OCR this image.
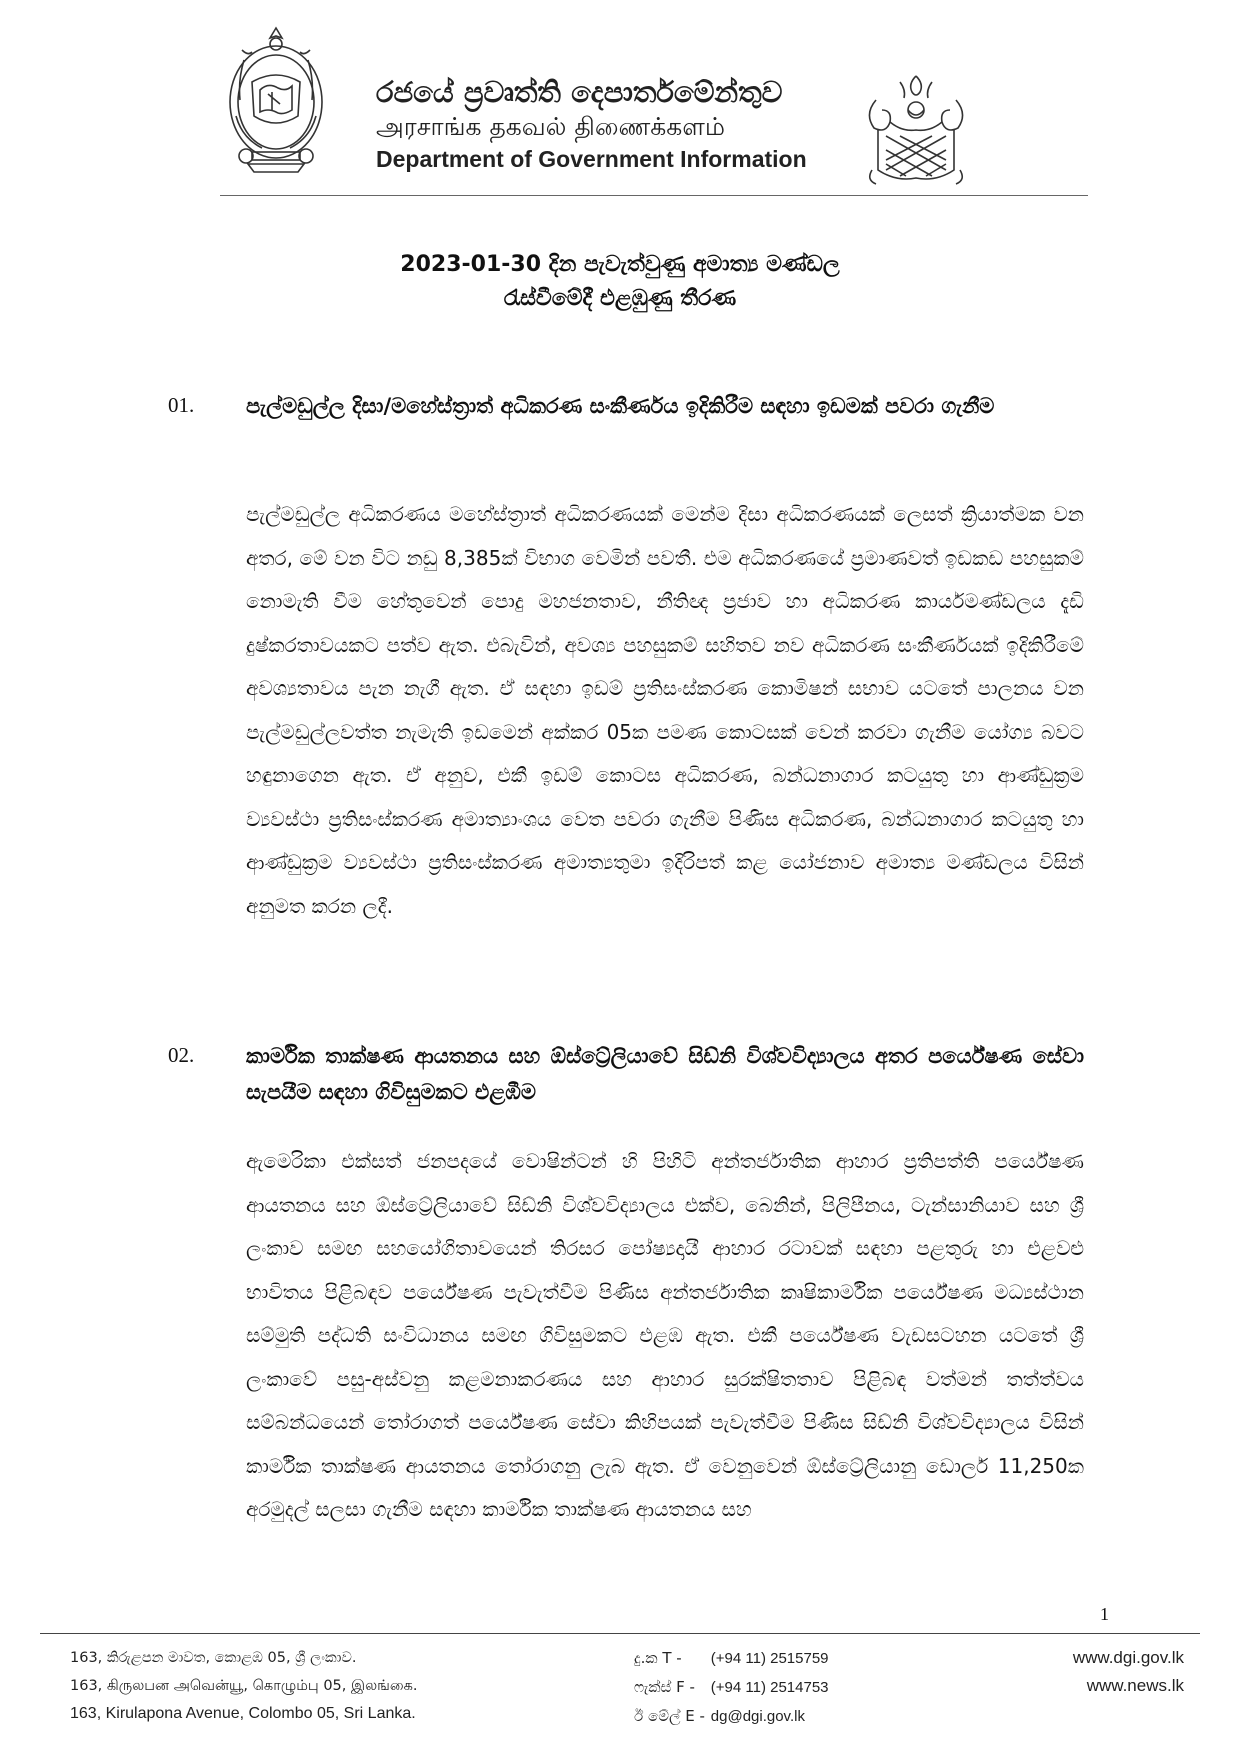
රජයේ ප්‍රවෘත්ති දෙපාර්තමේන්තුව
அரசாங்க தகவல் திணைக்களம்
Department of Government Information
2023-01-30 දින පැවැත්වුණු අමාත්‍ය මණ්ඩල
රැස්වීමේදී එළඹුණු තීරණ
01. පැල්මඩුල්ල දිසා/මහේස්ත්‍රාත් අධිකරණ සංකීර්ණය ඉදිකිරීම සඳහා ඉඩමක් පවරා ගැනීම
පැල්මඩුල්ල අධිකරණය මහේස්ත්‍රාත් අධිකරණයක් මෙන්ම දිසා අධිකරණයක් ලෙසත් ක්‍රියාත්මක වන අතර, මේ වන විට නඩු 8,385ක් විභාග වෙමින් පවතී. එම අධිකරණයේ ප්‍රමාණවත් ඉඩකඩ පහසුකම් නොමැති වීම හේතුවෙන් පොදු මහජනතාව, නීතිඥ ප්‍රජාව හා අධිකරණ කාර්යමණ්ඩලය දැඩි දුෂ්කරතාවයකට පත්ව ඇත. එබැවින්, අවශ්‍ය පහසුකම් සහිතව නව අධිකරණ සංකීර්ණයක් ඉදිකිරීමේ අවශ්‍යතාවය පැන නැගී ඇත. ඒ සඳහා ඉඩම් ප්‍රතිසංස්කරණ කොමිෂන් සභාව යටතේ පාලනය වන පැල්මඩුල්ලවත්ත නැමැති ඉඩමෙන් අක්කර 05ක පමණ කොටසක් වෙන් කරවා ගැනීම යෝග්‍ය බවට හඳුනාගෙන ඇත. ඒ අනුව, එකී ඉඩම් කොටස අධිකරණ, බන්ධනාගාර කටයුතු හා ආණ්ඩුක්‍රම ව්‍යවස්ථා ප්‍රතිසංස්කරණ අමාත්‍යාංශය වෙත පවරා ගැනීම පිණිස අධිකරණ, බන්ධනාගාර කටයුතු හා ආණ්ඩුක්‍රම ව්‍යවස්ථා ප්‍රතිසංස්කරණ අමාත්‍යතුමා ඉදිරිපත් කළ යෝජනාව අමාත්‍ය මණ්ඩලය විසින් අනුමත කරන ලදී.
02. කාර්මික තාක්ෂණ ආයතනය සහ ඕස්ට්‍රේලියාවේ සිඩ්නි විශ්වවිද්‍යාලය අතර පර්යේෂණ සේවා සැපයීම සඳහා ගිවිසුමකට එළඹීම
ඇමෙරිකා එක්සත් ජනපදයේ වොෂින්ටන් හි පිහිටි අන්තර්ජාතික ආහාර ප්‍රතිපත්ති පර්යේෂණ ආයතනය සහ ඕස්ට්‍රේලියාවේ සිඩ්නි විශ්වවිද්‍යාලය එක්ව, බෙනින්, පිලිපීනය, ටැන්සානියාව සහ ශ්‍රී ලංකාව සමඟ සහයෝගිතාවයෙන් තිරසර පෝෂ්‍යදායී ආහාර රටාවක් සඳහා පළතුරු හා එළවළු භාවිතය පිළිබඳව පර්යේෂණ පැවැත්වීම පිණිස අන්තර්ජාතික කෘෂිකාර්මික පර්යේෂණ මධ්‍යස්ථාන සම්මුති පද්ධති සංවිධානය සමඟ ගිවිසුමකට එළඹ ඇත. එකී පර්යේෂණ වැඩසටහන යටතේ ශ්‍රී ලංකාවේ පසු-අස්වනු කළමනාකරණය සහ ආහාර සුරක්ෂිතතාව පිළිබඳ වත්මන් තත්ත්වය සම්බන්ධයෙන් තෝරාගත් පර්යේෂණ සේවා කිහිපයක් පැවැත්වීම පිණිස සිඩ්නි විශ්වවිද්‍යාලය විසින් කාර්මික තාක්ෂණ ආයතනය තෝරාගනු ලැබ ඇත. ඒ වෙනුවෙන් ඕස්ට්‍රේලියානු ඩොලර් 11,250ක අරමුදල් සලසා ගැනීම සඳහා කාර්මික තාක්ෂණ ආයතනය සහ
1
163, කිරුළපන මාවත, කොළඹ 05, ශ්‍රී ලංකාව.
163, கிருலபன அவென்யூ, கொழும்பு 05, இலங்கை.
163, Kirulapona Avenue, Colombo 05, Sri Lanka.
දු.ක T - (+94 11) 2515759
ෆැක්ස් F - (+94 11) 2514753
ඊ මේල් E - dg@dgi.gov.lk
www.dgi.gov.lk
www.news.lk
